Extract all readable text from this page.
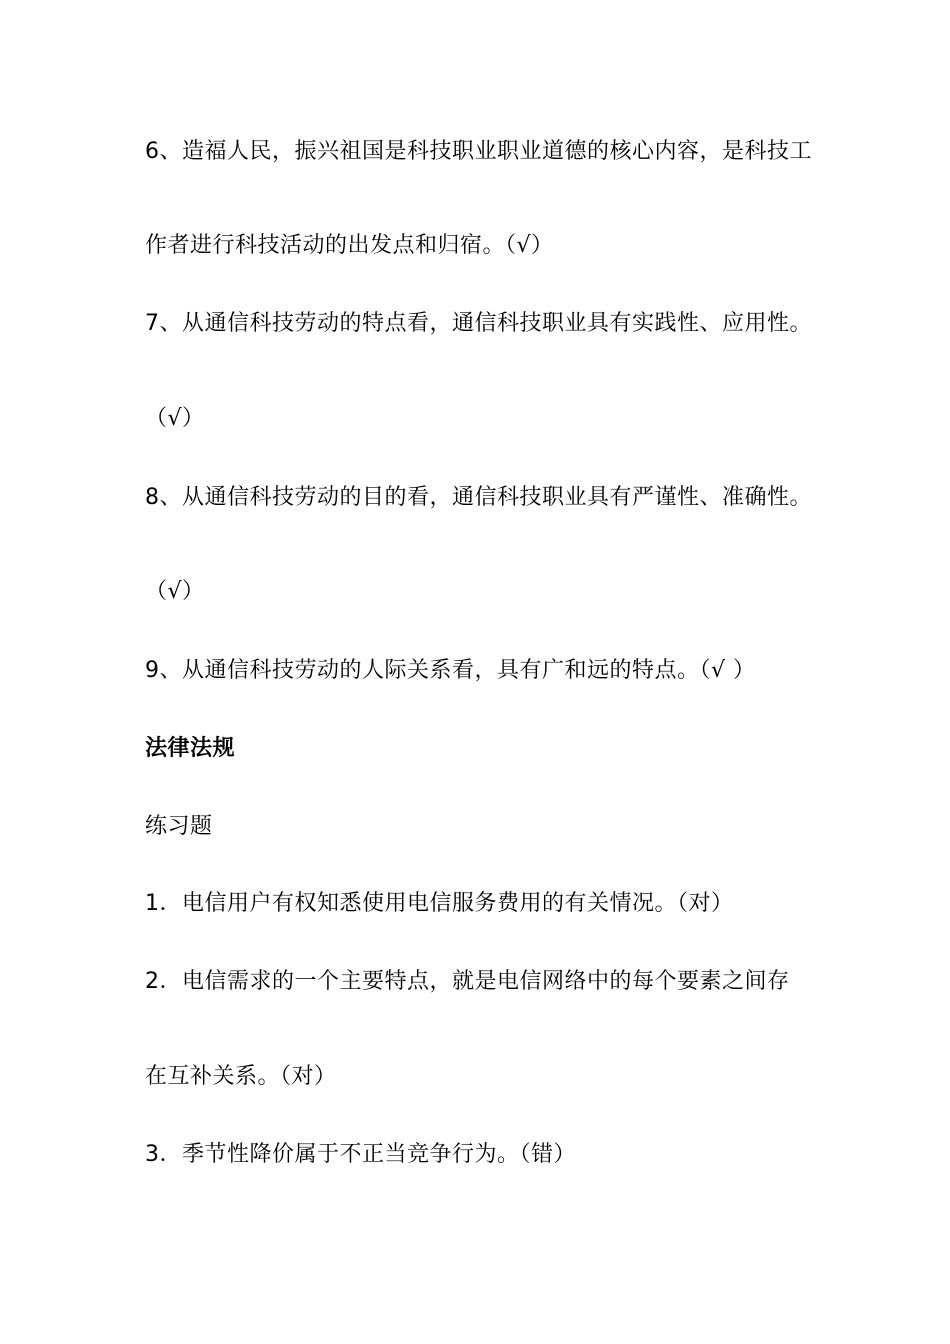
6、造福人民，振兴祖国是科技职业职业道德的核心内容，是科技工

作者进行科技活动的出发点和归宿。（√）

7、从通信科技劳动的特点看，通信科技职业具有实践性、应用性。

（√）

8、从通信科技劳动的目的看，通信科技职业具有严谨性、准确性。

（√）

9、从通信科技劳动的人际关系看，具有广和远的特点。（√ ）

法律法规

练习题

1．电信用户有权知悉使用电信服务费用的有关情况。（对）

2．电信需求的一个主要特点，就是电信网络中的每个要素之间存

在互补关系。（对）

3．季节性降价属于不正当竞争行为。（错）
